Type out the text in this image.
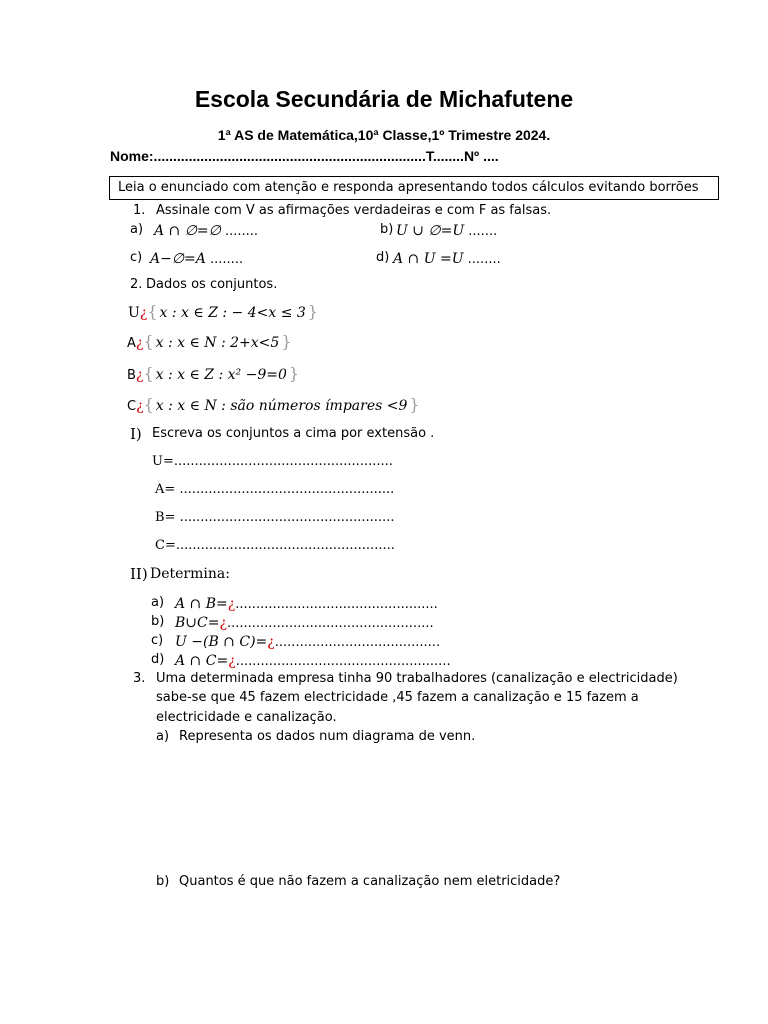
Escola Secundária de Michafutene
1ª AS de Matemática,10ª Classe,1º Trimestre 2024.
Nome:......................................................................T........Nº ....
Leia o enunciado com atenção e responda apresentando todos cálculos evitando borrões
1. Assinale com V as afirmações verdadeiras e com F as falsas.
a) A ∩ ∅=∅ ........	b) U ∪ ∅=U .......
c) A−∅=A ........	d) A ∩ U =U ........
2. Dados os conjuntos.
U¿{ x : x ∈ Z : − 4<x ≤ 3 }
A¿{ x : x ∈ N : 2+x<5 }
B¿{ x : x ∈ Z : x² −9=0 }
C¿{ x : x ∈ N : são números ímpares <9 }
I) Escreva os conjuntos a cima por extensão .
U=.....................................................
A= ....................................................
B= ....................................................
C=.....................................................
II) Determina:
a) A ∩ B=¿.................................................
b) B∪C=¿..................................................
c) U −(B ∩ C)=¿........................................
d) A ∩ C=¿....................................................
3. Uma determinada empresa tinha 90 trabalhadores (canalização e electricidade)
sabe-se que 45 fazem electricidade ,45 fazem a canalização e 15 fazem a
electricidade e canalização.
a) Representa os dados num diagrama de venn.
b) Quantos é que não fazem a canalização nem eletricidade?
